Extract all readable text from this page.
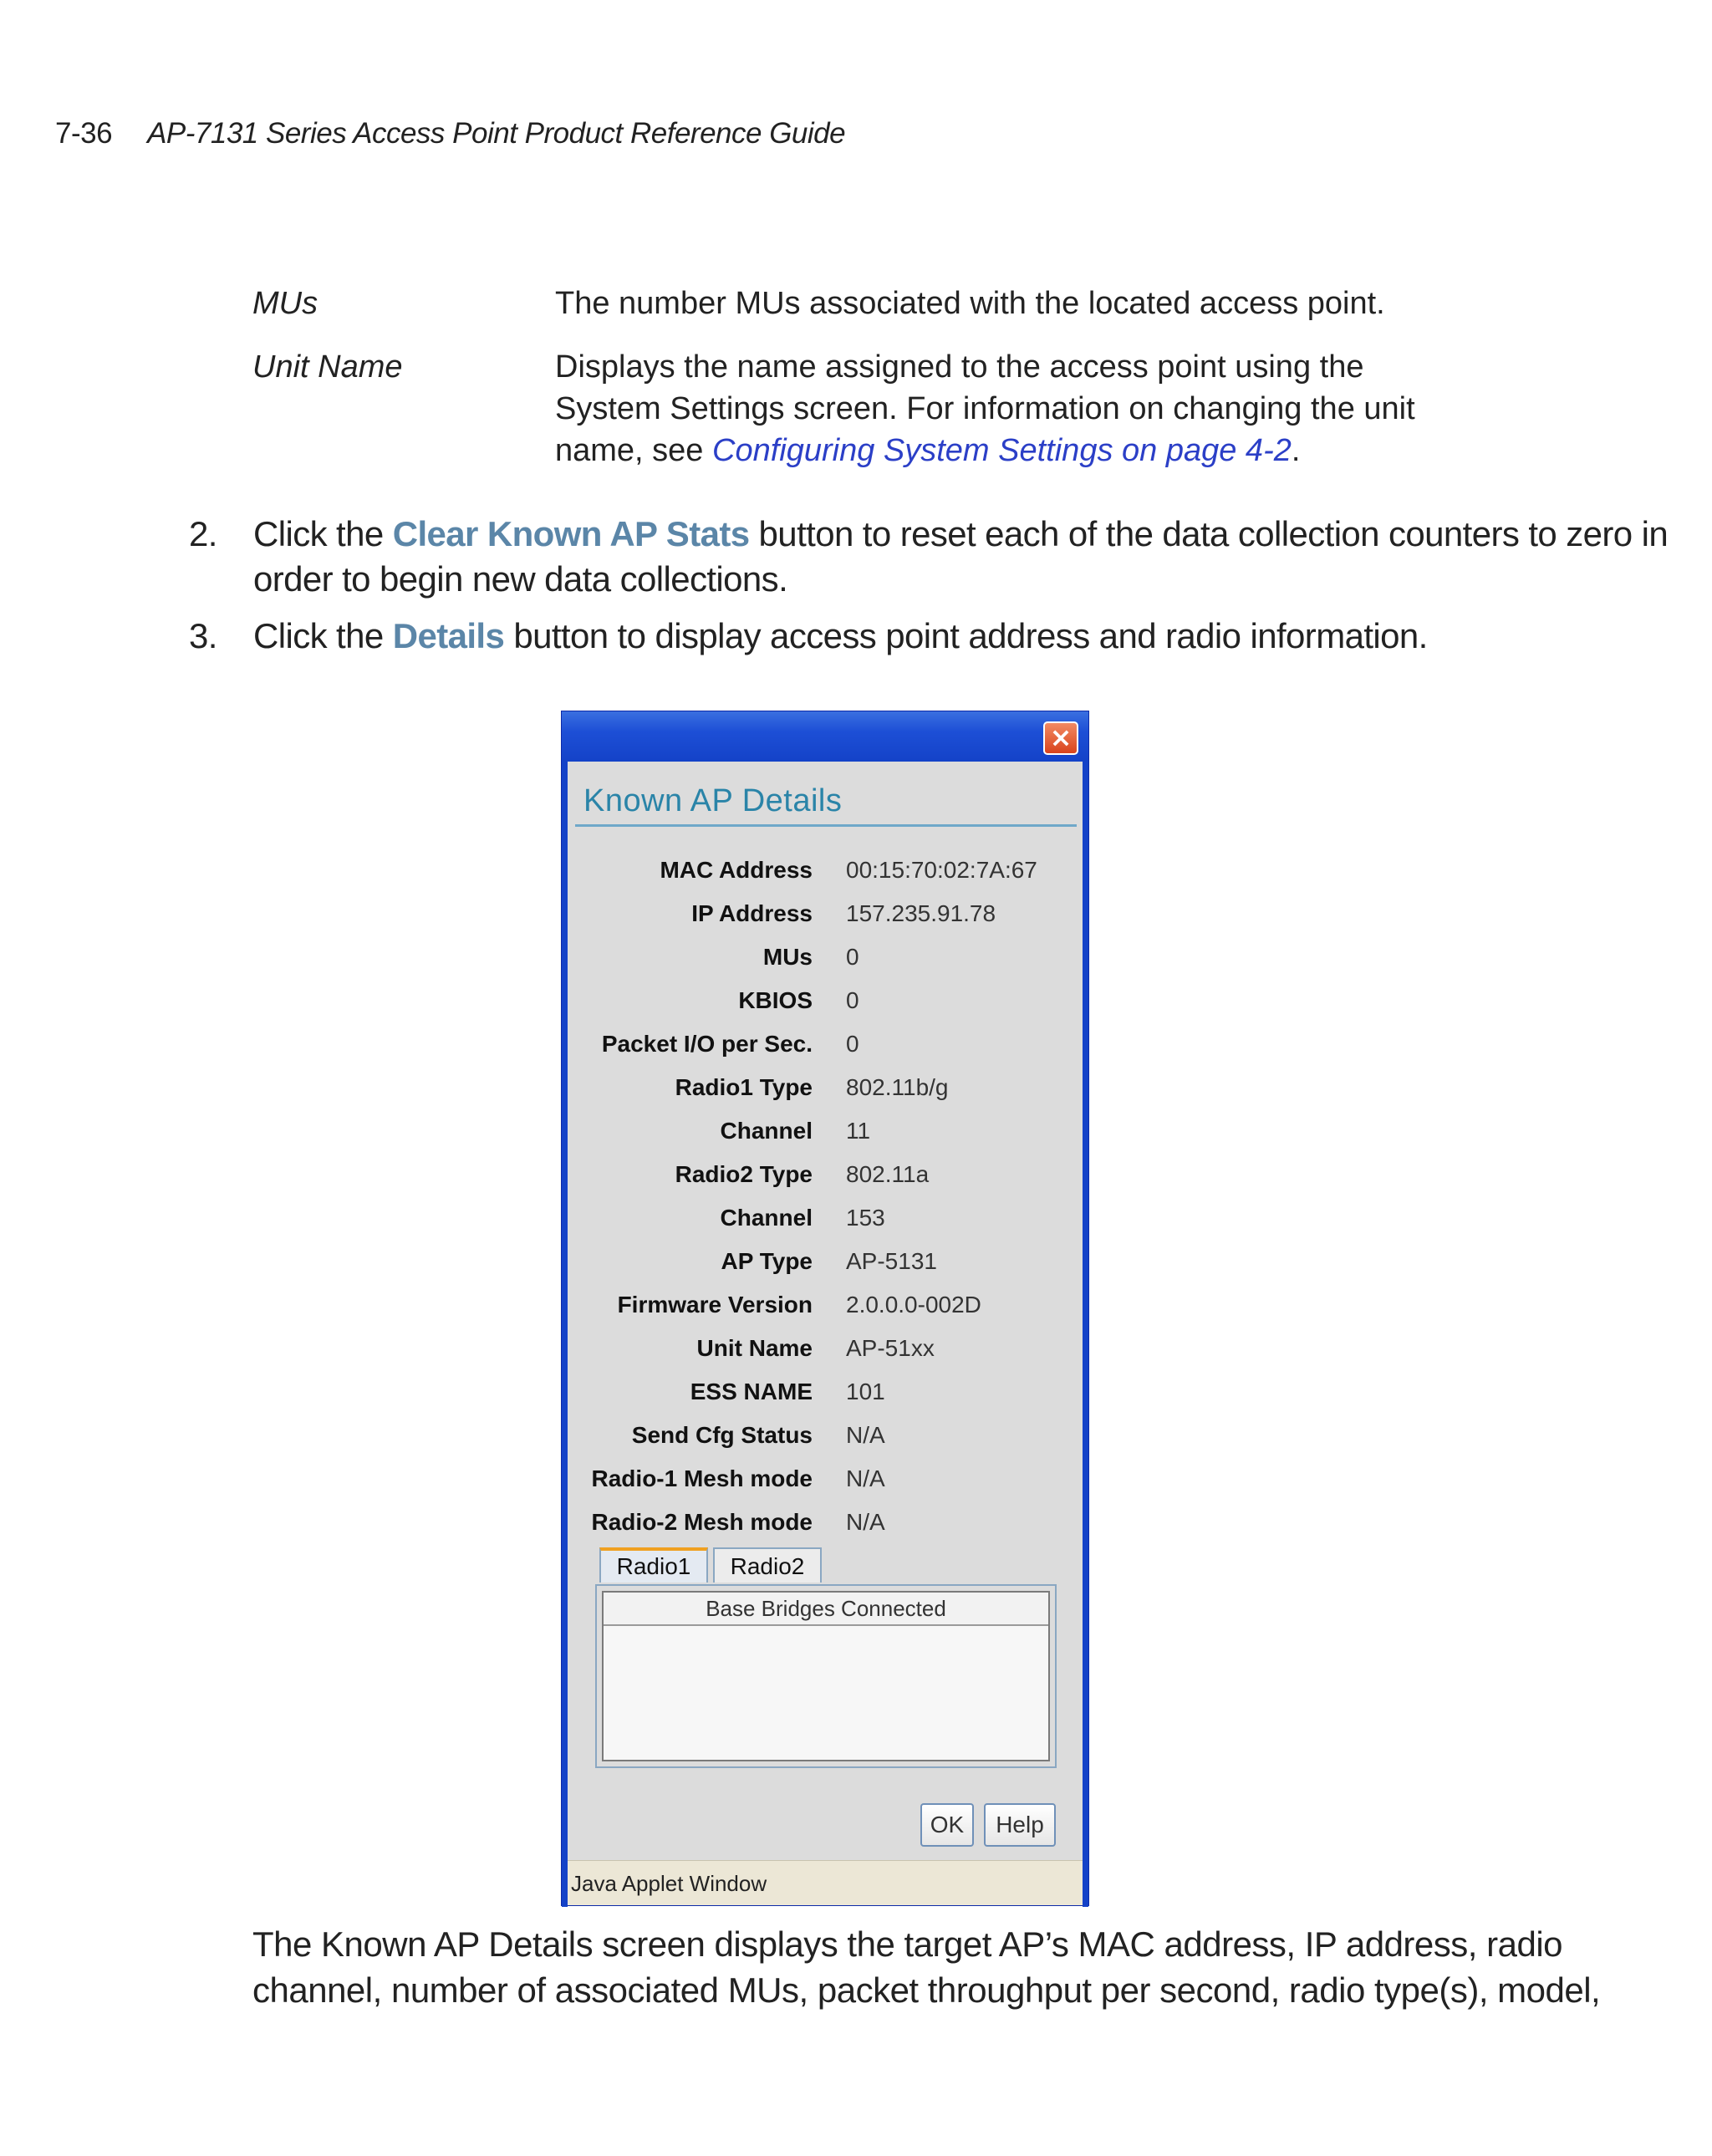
7-36 AP-7131 Series Access Point Product Reference Guide
MUs	The number MUs associated with the located access point.
Unit Name	Displays the name assigned to the access point using the System Settings screen. For information on changing the unit name, see Configuring System Settings on page 4-2.
2. Click the Clear Known AP Stats button to reset each of the data collection counters to zero in order to begin new data collections.
3. Click the Details button to display access point address and radio information.
×
Known AP Details
MAC Address 00:15:70:02:7A:67
IP Address 157.235.91.78
MUs 0
KBIOS 0
Packet I/O per Sec. 0
Radio1 Type 802.11b/g
Channel 11
Radio2 Type 802.11a
Channel 153
AP Type AP-5131
Firmware Version 2.0.0.0-002D
Unit Name AP-51xx
ESS NAME 101
Send Cfg Status N/A
Radio-1 Mesh mode N/A
Radio-2 Mesh mode N/A
Radio1	Radio2
Base Bridges Connected
OK	Help
Java Applet Window
The Known AP Details screen displays the target AP’s MAC address, IP address, radio channel, number of associated MUs, packet throughput per second, radio type(s), model,
